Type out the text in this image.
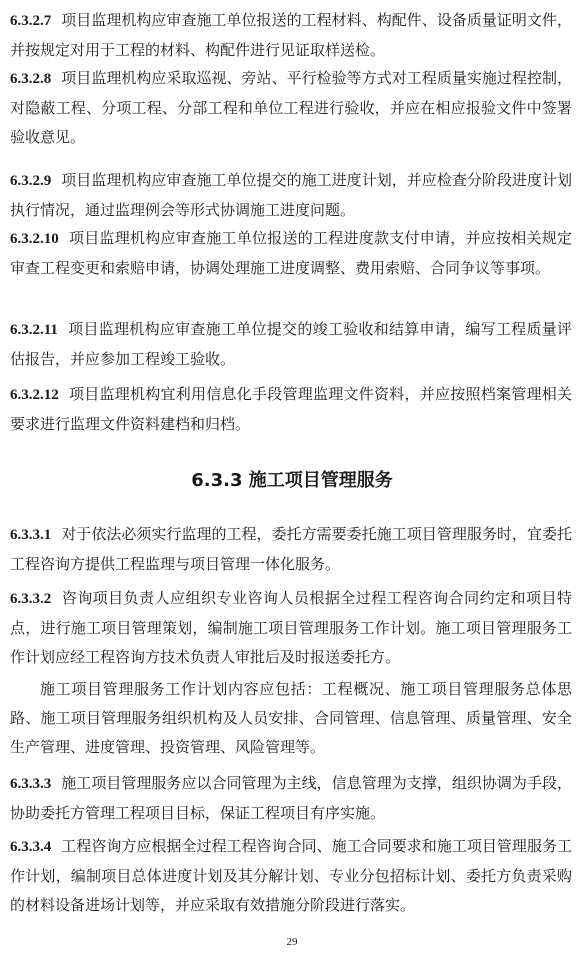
6.3.2.7 项目监理机构应审查施工单位报送的工程材料、构配件、设备质量证明文件，并按规定对用于工程的材料、构配件进行见证取样送检。
6.3.2.8 项目监理机构应采取巡视、旁站、平行检验等方式对工程质量实施过程控制，对隐蔽工程、分项工程、分部工程和单位工程进行验收，并应在相应报验文件中签署验收意见。
6.3.2.9 项目监理机构应审查施工单位提交的施工进度计划，并应检查分阶段进度计划执行情况，通过监理例会等形式协调施工进度问题。
6.3.2.10 项目监理机构应审查施工单位报送的工程进度款支付申请，并应按相关规定审查工程变更和索赔申请，协调处理施工进度调整、费用索赔、合同争议等事项。
6.3.2.11 项目监理机构应审查施工单位提交的竣工验收和结算申请，编写工程质量评估报告，并应参加工程竣工验收。
6.3.2.12 项目监理机构宜利用信息化手段管理监理文件资料，并应按照档案管理相关要求进行监理文件资料建档和归档。
6.3.3 施工项目管理服务
6.3.3.1 对于依法必须实行监理的工程，委托方需要委托施工项目管理服务时，宜委托工程咨询方提供工程监理与项目管理一体化服务。
6.3.3.2 咨询项目负责人应组织专业咨询人员根据全过程工程咨询合同约定和项目特点，进行施工项目管理策划，编制施工项目管理服务工作计划。施工项目管理服务工作计划应经工程咨询方技术负责人审批后及时报送委托方。
施工项目管理服务工作计划内容应包括：工程概况、施工项目管理服务总体思路、施工项目管理服务组织机构及人员安排、合同管理、信息管理、质量管理、安全生产管理、进度管理、投资管理、风险管理等。
6.3.3.3 施工项目管理服务应以合同管理为主线，信息管理为支撑，组织协调为手段，协助委托方管理工程项目目标，保证工程项目有序实施。
6.3.3.4 工程咨询方应根据全过程工程咨询合同、施工合同要求和施工项目管理服务工作计划，编制项目总体进度计划及其分解计划、专业分包招标计划、委托方负责采购的材料设备进场计划等，并应采取有效措施分阶段进行落实。
29
